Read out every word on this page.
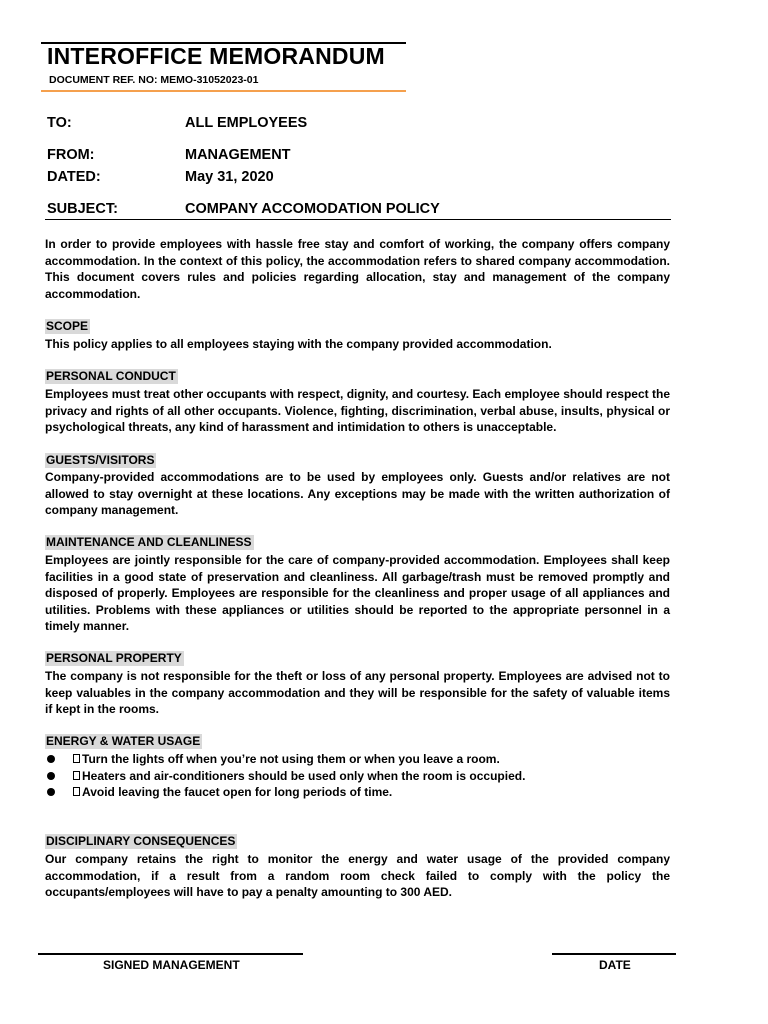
INTEROFFICE MEMORANDUM
DOCUMENT REF. NO: MEMO-31052023-01
TO:	ALL EMPLOYEES
FROM:	MANAGEMENT
DATED:	May 31, 2020
SUBJECT:	COMPANY ACCOMODATION POLICY

In order to provide employees with hassle free stay and comfort of working, the company offers company accommodation. In the context of this policy, the accommodation refers to shared company accommodation. This document covers rules and policies regarding allocation, stay and management of the company accommodation.

SCOPE

This policy applies to all employees staying with the company provided accommodation.

PERSONAL CONDUCT

Employees must treat other occupants with respect, dignity, and courtesy. Each employee should respect the privacy and rights of all other occupants. Violence, fighting, discrimination, verbal abuse, insults, physical or psychological threats, any kind of harassment and intimidation to others is unacceptable.

GUESTS/VISITORS

Company-provided accommodations are to be used by employees only. Guests and/or relatives are not allowed to stay overnight at these locations. Any exceptions may be made with the written authorization of company management.

MAINTENANCE AND CLEANLINESS

Employees are jointly responsible for the care of company-provided accommodation. Employees shall keep facilities in a good state of preservation and cleanliness. All garbage/trash must be removed promptly and disposed of properly. Employees are responsible for the cleanliness and proper usage of all appliances and utilities. Problems with these appliances or utilities should be reported to the appropriate personnel in a timely manner.

PERSONAL PROPERTY

The company is not responsible for the theft or loss of any personal property. Employees are advised not to keep valuables in the company accommodation and they will be responsible for the safety of valuable items if kept in the rooms.

ENERGY & WATER USAGE
Turn the lights off when you’re not using them or when you leave a room.
Heaters and air-conditioners should be used only when the room is occupied.
Avoid leaving the faucet open for long periods of time.
DISCIPLINARY CONSEQUENCES

Our company retains the right to monitor the energy and water usage of the provided company accommodation, if a result from a random room check failed to comply with the policy the occupants/employees will have to pay a penalty amounting to 300 AED.

SIGNED MANAGEMENT	DATE
